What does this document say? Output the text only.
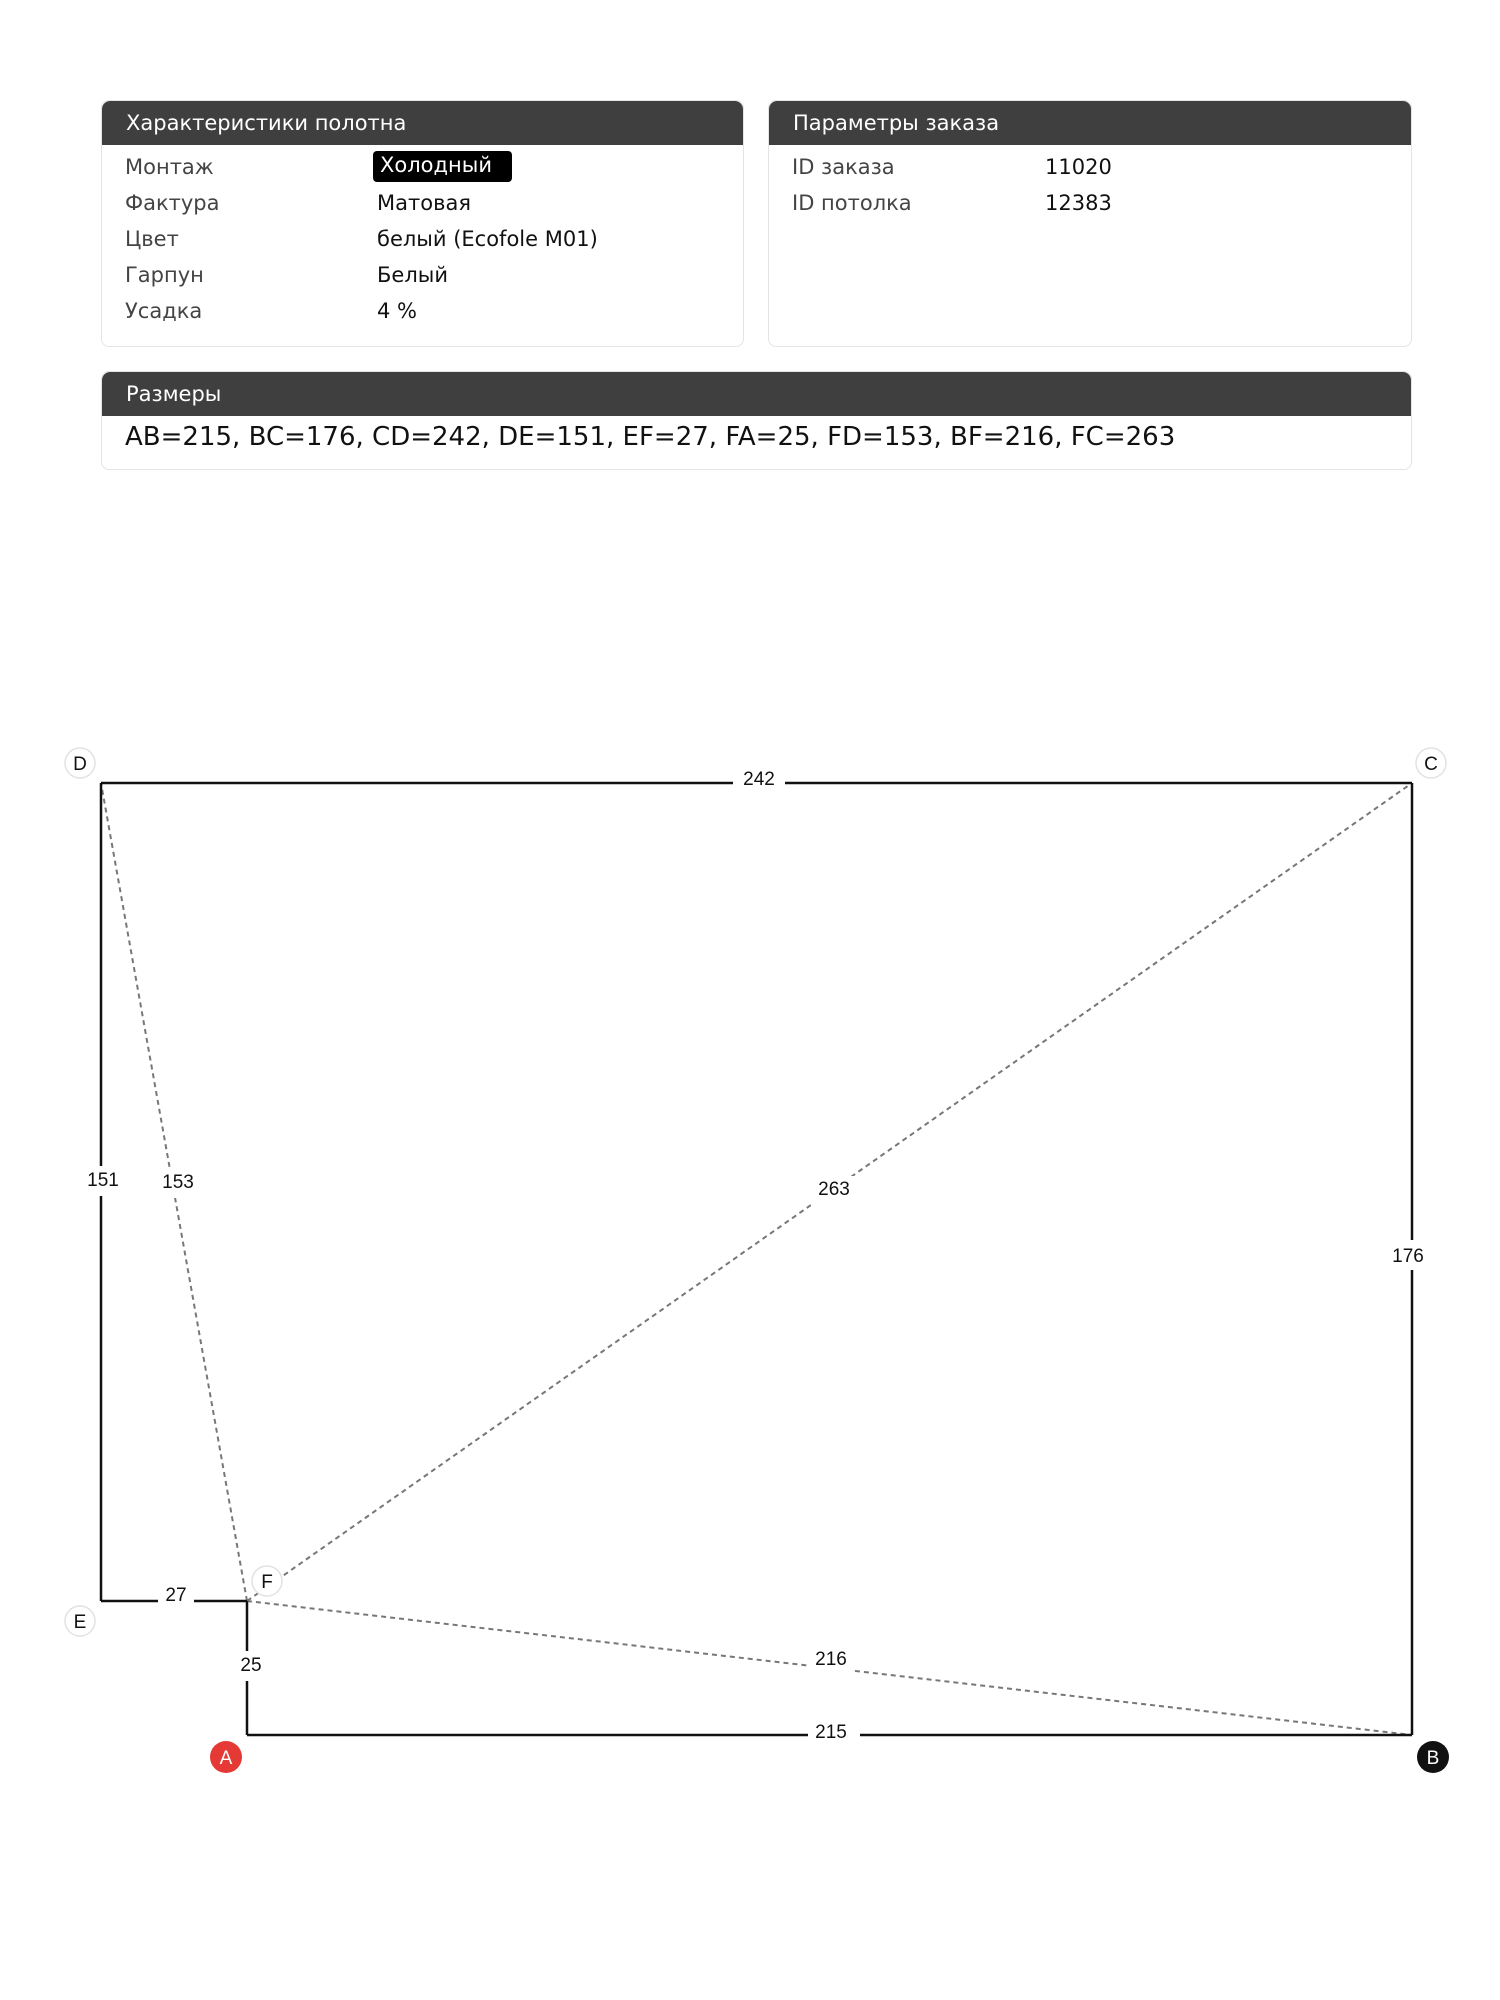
Характеристики полотна
Монтаж	Холодный
Фактура	Матовая
Цвет	белый (Ecofole M01)
Гарпун	Белый
Усадка	4 %
Параметры заказа
ID заказа	11020
ID потолка	12383
Размеры
AB=215, BC=176, CD=242, DE=151, EF=27, FA=25, FD=153, BF=216, FC=263
242
176
215
151
27
25
153	263
216
D	C
F
E
A	B
